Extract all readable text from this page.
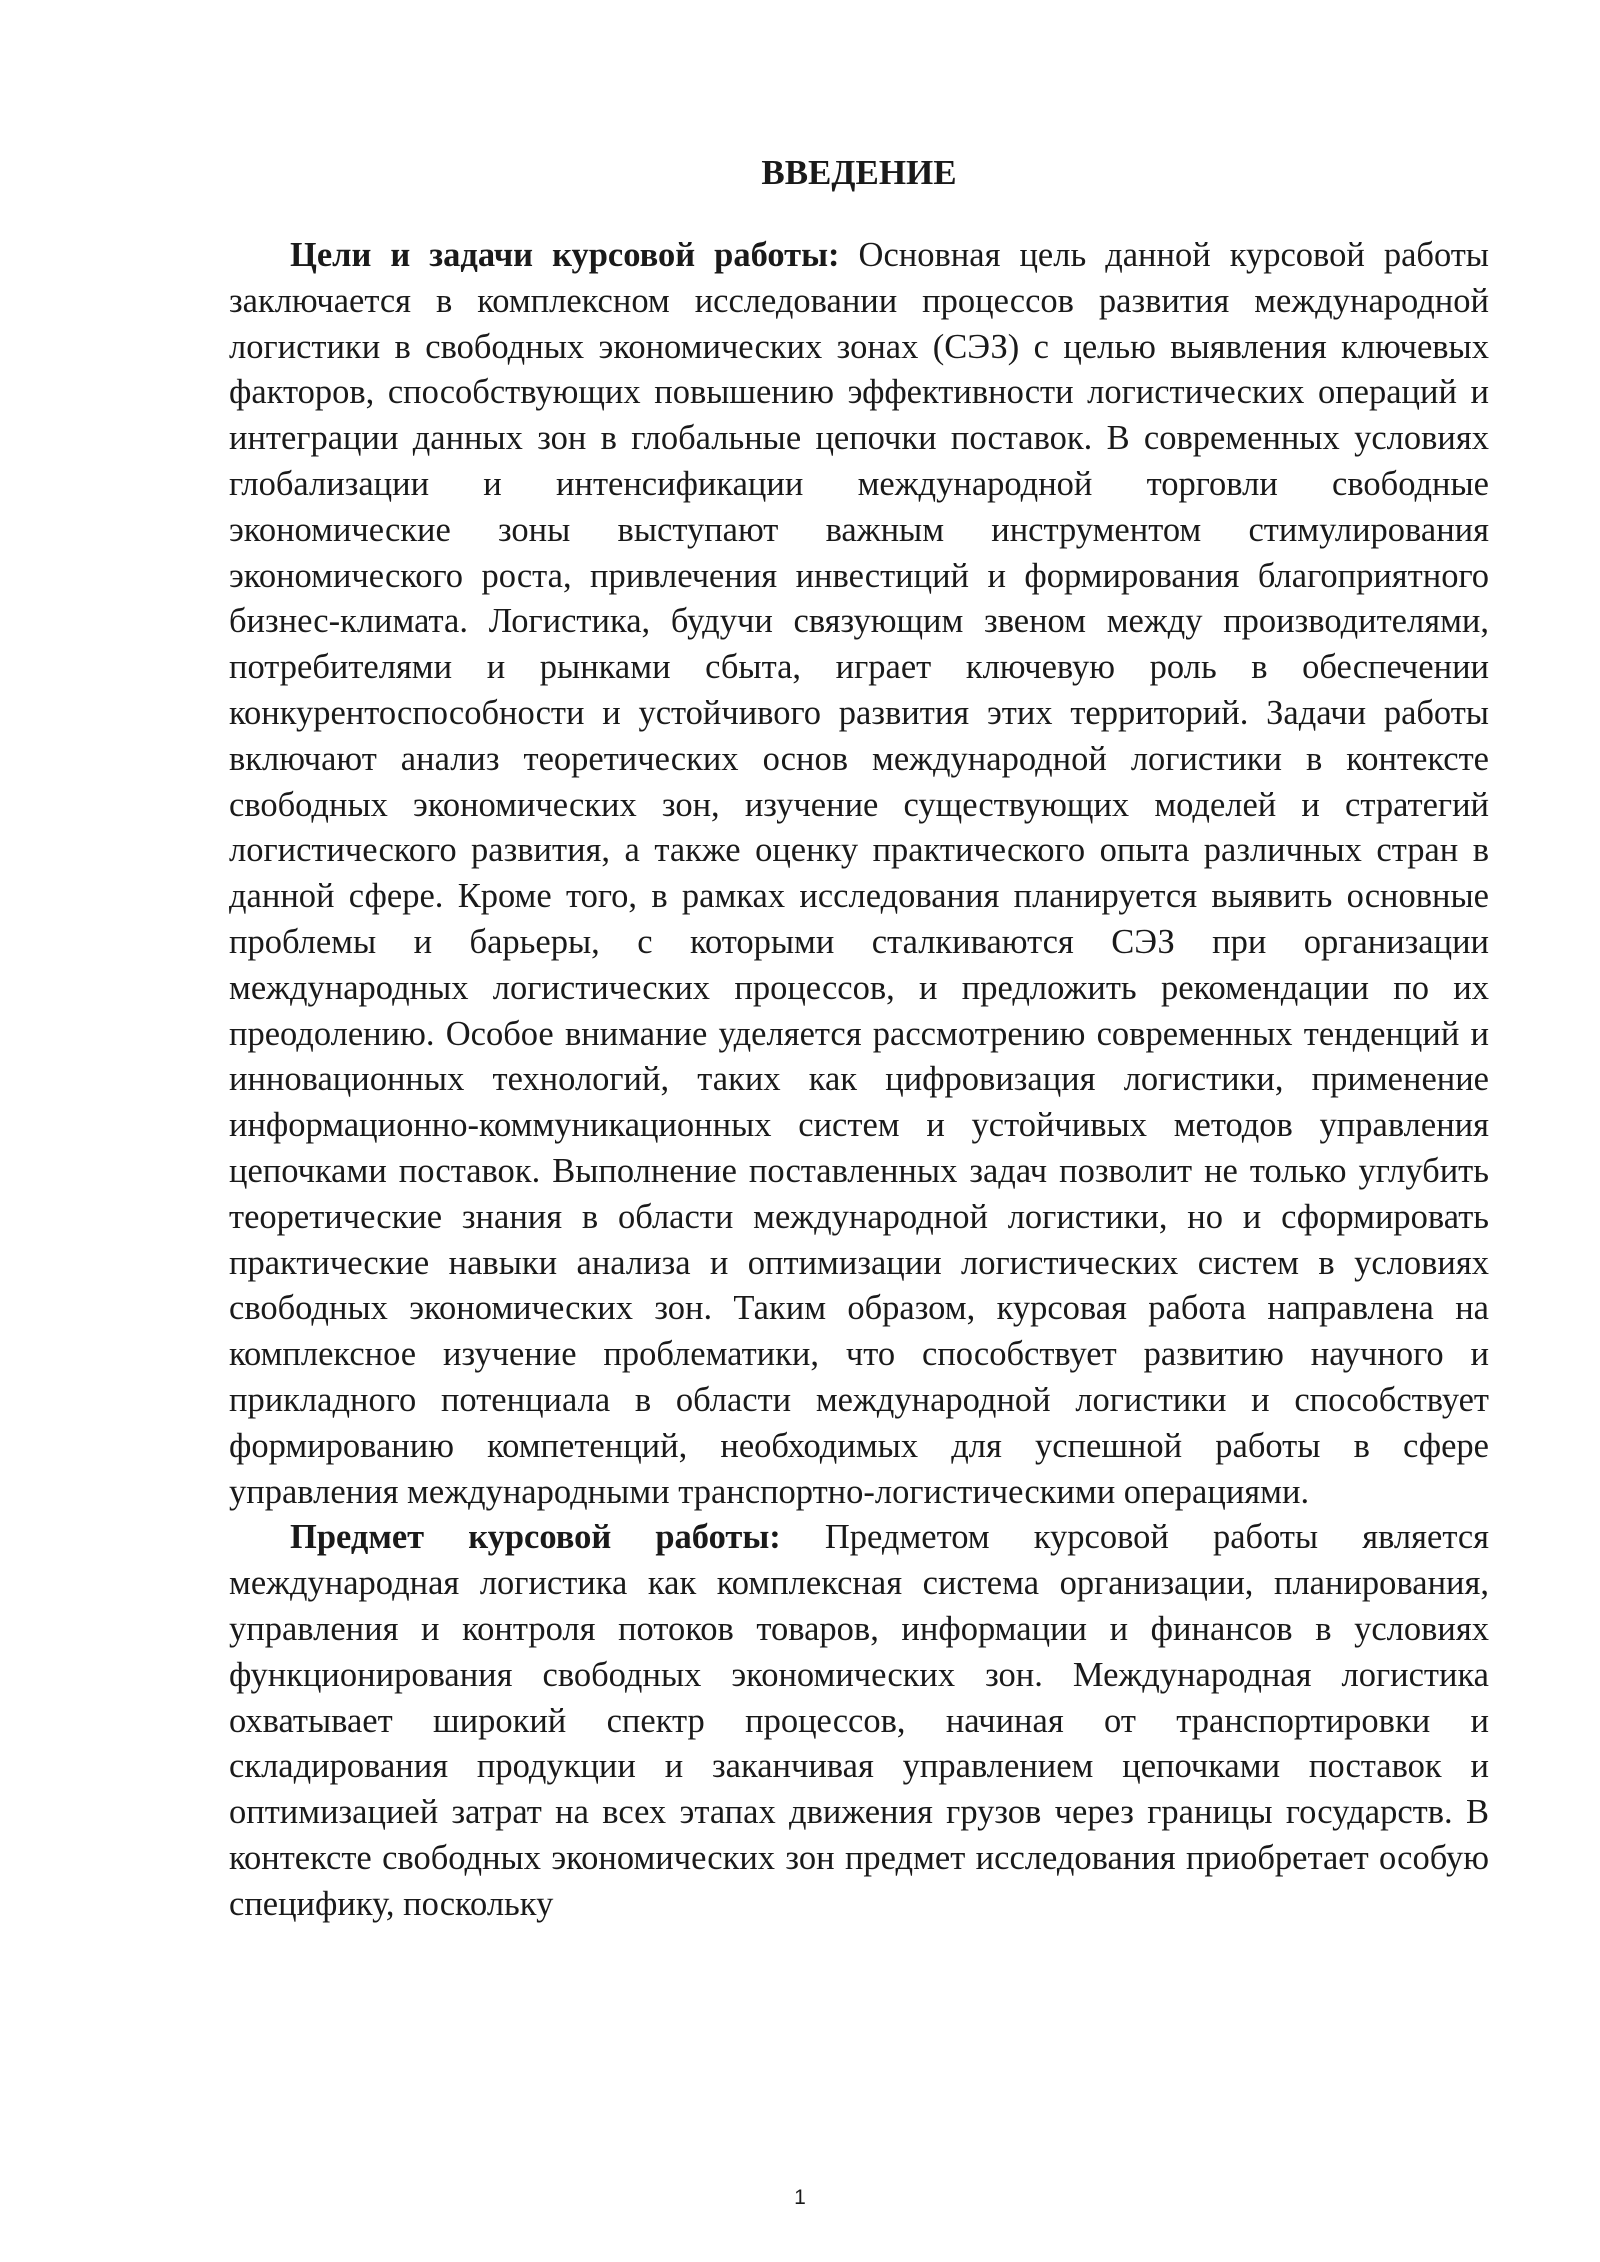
ВВЕДЕНИЕ

Цели и задачи курсовой работы: Основная цель данной курсовой работы заключается в комплексном исследовании процессов развития международной логистики в свободных экономических зонах (СЭЗ) с целью выявления ключевых факторов, способствующих повышению эффективности логистических операций и интеграции данных зон в глобальные цепочки поставок. В современных условиях глобализации и интенсификации международной торговли свободные экономические зоны выступают важным инструментом стимулирования экономического роста, привлечения инвестиций и формирования благоприятного бизнес-климата. Логистика, будучи связующим звеном между производителями, потребителями и рынками сбыта, играет ключевую роль в обеспечении конкурентоспособности и устойчивого развития этих территорий. Задачи работы включают анализ теоретических основ международной логистики в контексте свободных экономических зон, изучение существующих моделей и стратегий логистического развития, а также оценку практического опыта различных стран в данной сфере. Кроме того, в рамках исследования планируется выявить основные проблемы и барьеры, с которыми сталкиваются СЭЗ при организации международных логистических процессов, и предложить рекомендации по их преодолению. Особое внимание уделяется рассмотрению современных тенденций и инновационных технологий, таких как цифровизация логистики, применение информационно-коммуникационных систем и устойчивых методов управления цепочками поставок. Выполнение поставленных задач позволит не только углубить теоретические знания в области международной логистики, но и сформировать практические навыки анализа и оптимизации логистических систем в условиях свободных экономических зон. Таким образом, курсовая работа направлена на комплексное изучение проблематики, что способствует развитию научного и прикладного потенциала в области международной логистики и способствует формированию компетенций, необходимых для успешной работы в сфере управления международными транспортно-логистическими операциями.

Предмет курсовой работы: Предметом курсовой работы является международная логистика как комплексная система организации, планирования, управления и контроля потоков товаров, информации и финансов в условиях функционирования свободных экономических зон. Международная логистика охватывает широкий спектр процессов, начиная от транспортировки и складирования продукции и заканчивая управлением цепочками поставок и оптимизацией затрат на всех этапах движения грузов через границы государств. В контексте свободных экономических зон предмет исследования приобретает особую специфику, поскольку

1
